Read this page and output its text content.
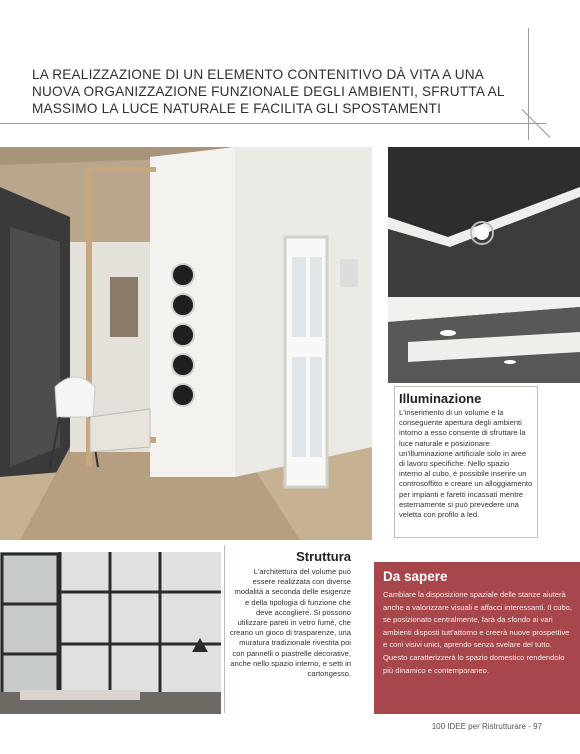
LA REALIZZAZIONE DI UN ELEMENTO CONTENITIVO DÀ VITA A UNA NUOVA ORGANIZZAZIONE FUNZIONALE DEGLI AMBIENTI, SFRUTTA AL MASSIMO LA LUCE NATURALE E FACILITA GLI SPOSTAMENTI
Illuminazione
L'inserimento di un volume e la conseguente apertura degli ambienti intorno a esso consente di sfruttare la luce naturale e posizionare un'illuminazione artificiale solo in aree di lavoro specifiche. Nello spazio interno al cubo, è possibile inserire un controsoffitto e creare un alloggiamento per impianti e faretti incassati mentre esternamente si può prevedere una veletta con profilo a led.
Struttura
L'architettura del volume può essere realizzata con diverse modalità a seconda delle esigenze e della tipologia di funzione che deve accogliere. Si possono utilizzare pareti in vetro fumè, che creano un gioco di trasparenze, una muratura tradizionale rivestita poi con pannelli o piastrelle decorative, anche nello spazio interno, e setti in cartongesso.
Da sapere
Cambiare la disposizione spaziale delle stanze aiuterà anche a valorizzare visuali e affacci interessanti. Il cubo, se posizionato centralmente, farà da sfondo ai vari ambienti disposti tutt'attorno e creerà nuove prospettive e coni visivi unici, aprendo senza svelare del tutto. Questo caratterizzerà lo spazio domestico rendendolo più dinamico e contemporaneo.
100 IDEE per Ristrutturare - 97
